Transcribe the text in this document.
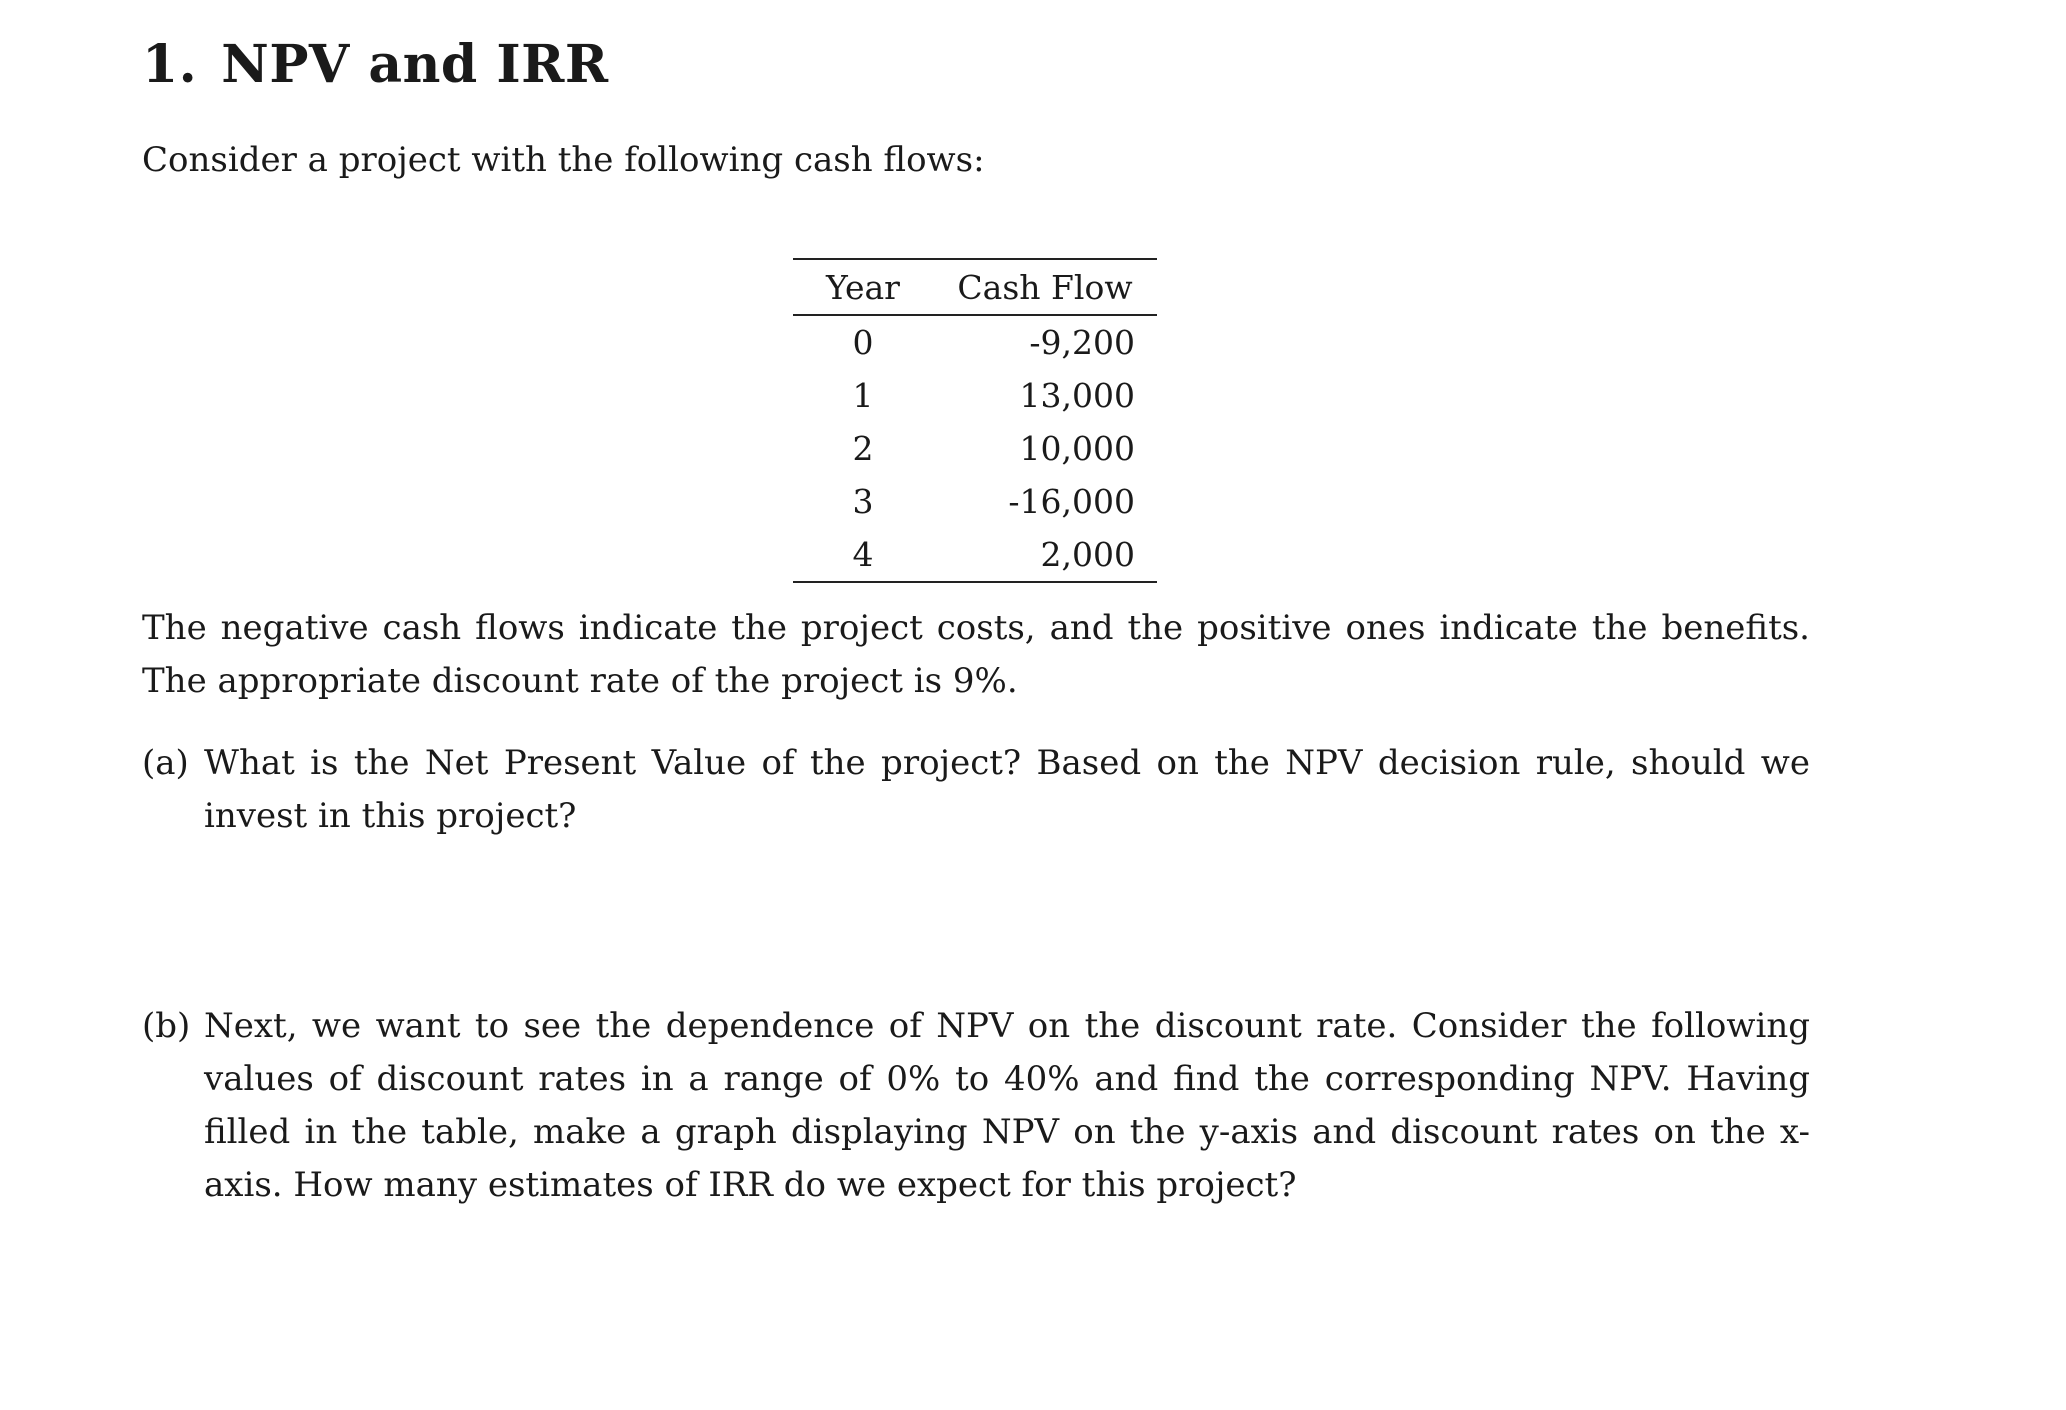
1. NPV and IRR
Consider a project with the following cash flows:
Year	Cash Flow
0	-9,200
1	13,000
2	10,000
3	-16,000
4	2,000
The negative cash flows indicate the project costs, and the positive ones indicate the benefits. The appropriate discount rate of the project is 9%.
(a) What is the Net Present Value of the project? Based on the NPV decision rule, should we invest in this project?
(b) Next, we want to see the dependence of NPV on the discount rate. Consider the following values of discount rates in a range of 0% to 40% and find the corresponding NPV. Having filled in the table, make a graph displaying NPV on the y-axis and discount rates on the x-axis. How many estimates of IRR do we expect for this project?
